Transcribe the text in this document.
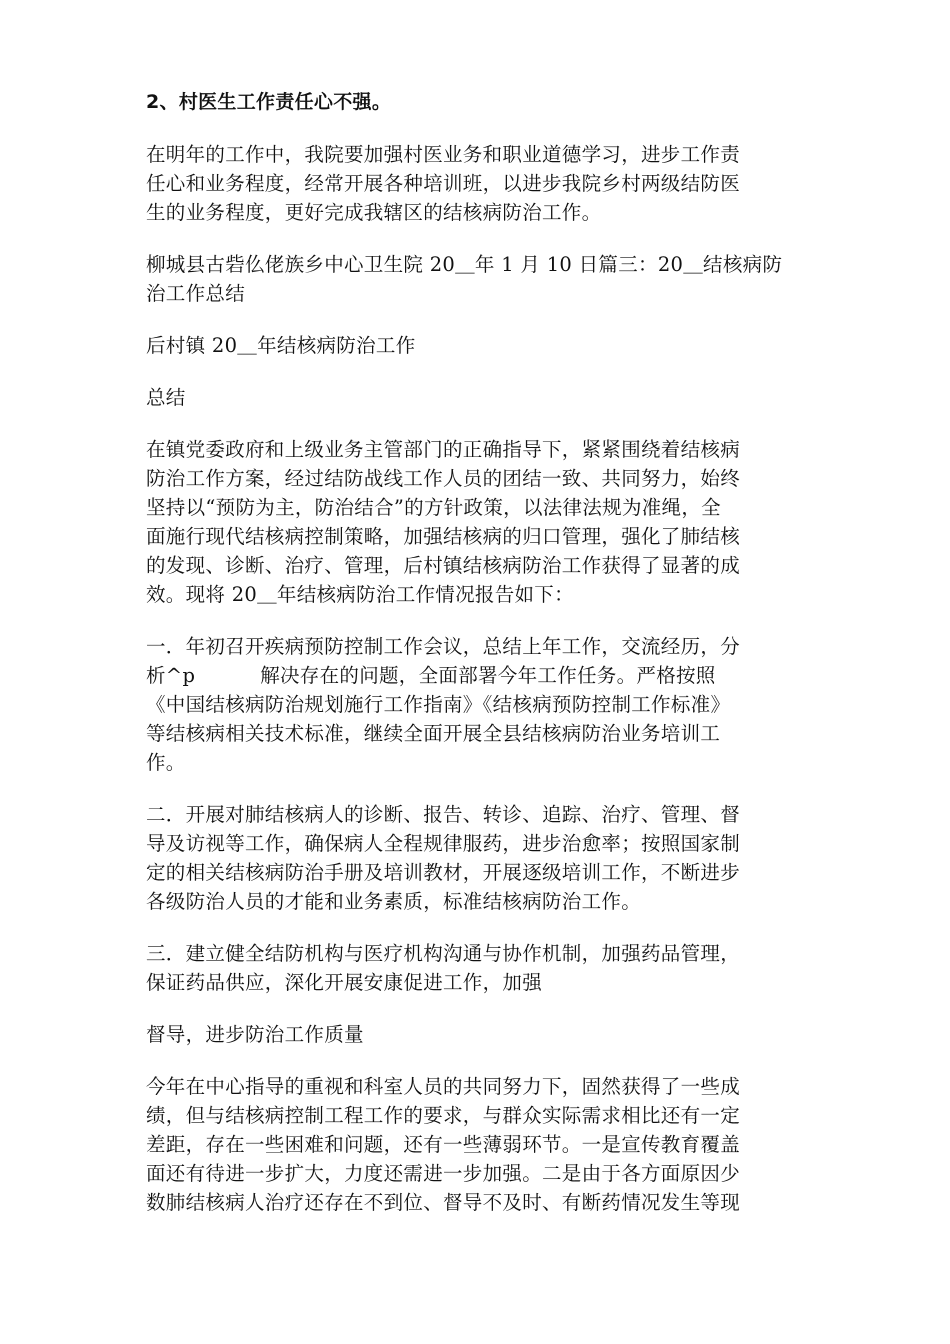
2、村医生工作责任心不强。

在明年的工作中，我院要加强村医业务和职业道德学习，进步工作责
任心和业务程度，经常开展各种培训班，以进步我院乡村两级结防医
生的业务程度，更好完成我辖区的结核病防治工作。

柳城县古砦仫佬族乡中心卫生院 20＿年 1 月 10 日篇三：20＿结核病防
治工作总结

后村镇 20＿年结核病防治工作

总结

在镇党委政府和上级业务主管部门的正确指导下，紧紧围绕着结核病
防治工作方案，经过结防战线工作人员的团结一致、共同努力，始终
坚持以“预防为主，防治结合”的方针政策，以法律法规为准绳，全
面施行现代结核病控制策略，加强结核病的归口管理，强化了肺结核
的发现、诊断、治疗、管理，后村镇结核病防治工作获得了显著的成
效。现将 20＿年结核病防治工作情况报告如下：

一．年初召开疾病预防控制工作会议，总结上年工作，交流经历，分
析^p          解决存在的问题，全面部署今年工作任务。严格按照
《中国结核病防治规划施行工作指南》《结核病预防控制工作标准》
等结核病相关技术标准，继续全面开展全县结核病防治业务培训工
作。

二．开展对肺结核病人的诊断、报告、转诊、追踪、治疗、管理、督
导及访视等工作，确保病人全程规律服药，进步治愈率；按照国家制
定的相关结核病防治手册及培训教材，开展逐级培训工作，不断进步
各级防治人员的才能和业务素质，标准结核病防治工作。

三．建立健全结防机构与医疗机构沟通与协作机制，加强药品管理，
保证药品供应，深化开展安康促进工作，加强

督导，进步防治工作质量

今年在中心指导的重视和科室人员的共同努力下，固然获得了一些成
绩，但与结核病控制工程工作的要求，与群众实际需求相比还有一定
差距，存在一些困难和问题，还有一些薄弱环节。一是宣传教育覆盖
面还有待进一步扩大，力度还需进一步加强。二是由于各方面原因少
数肺结核病人治疗还存在不到位、督导不及时、有断药情况发生等现
